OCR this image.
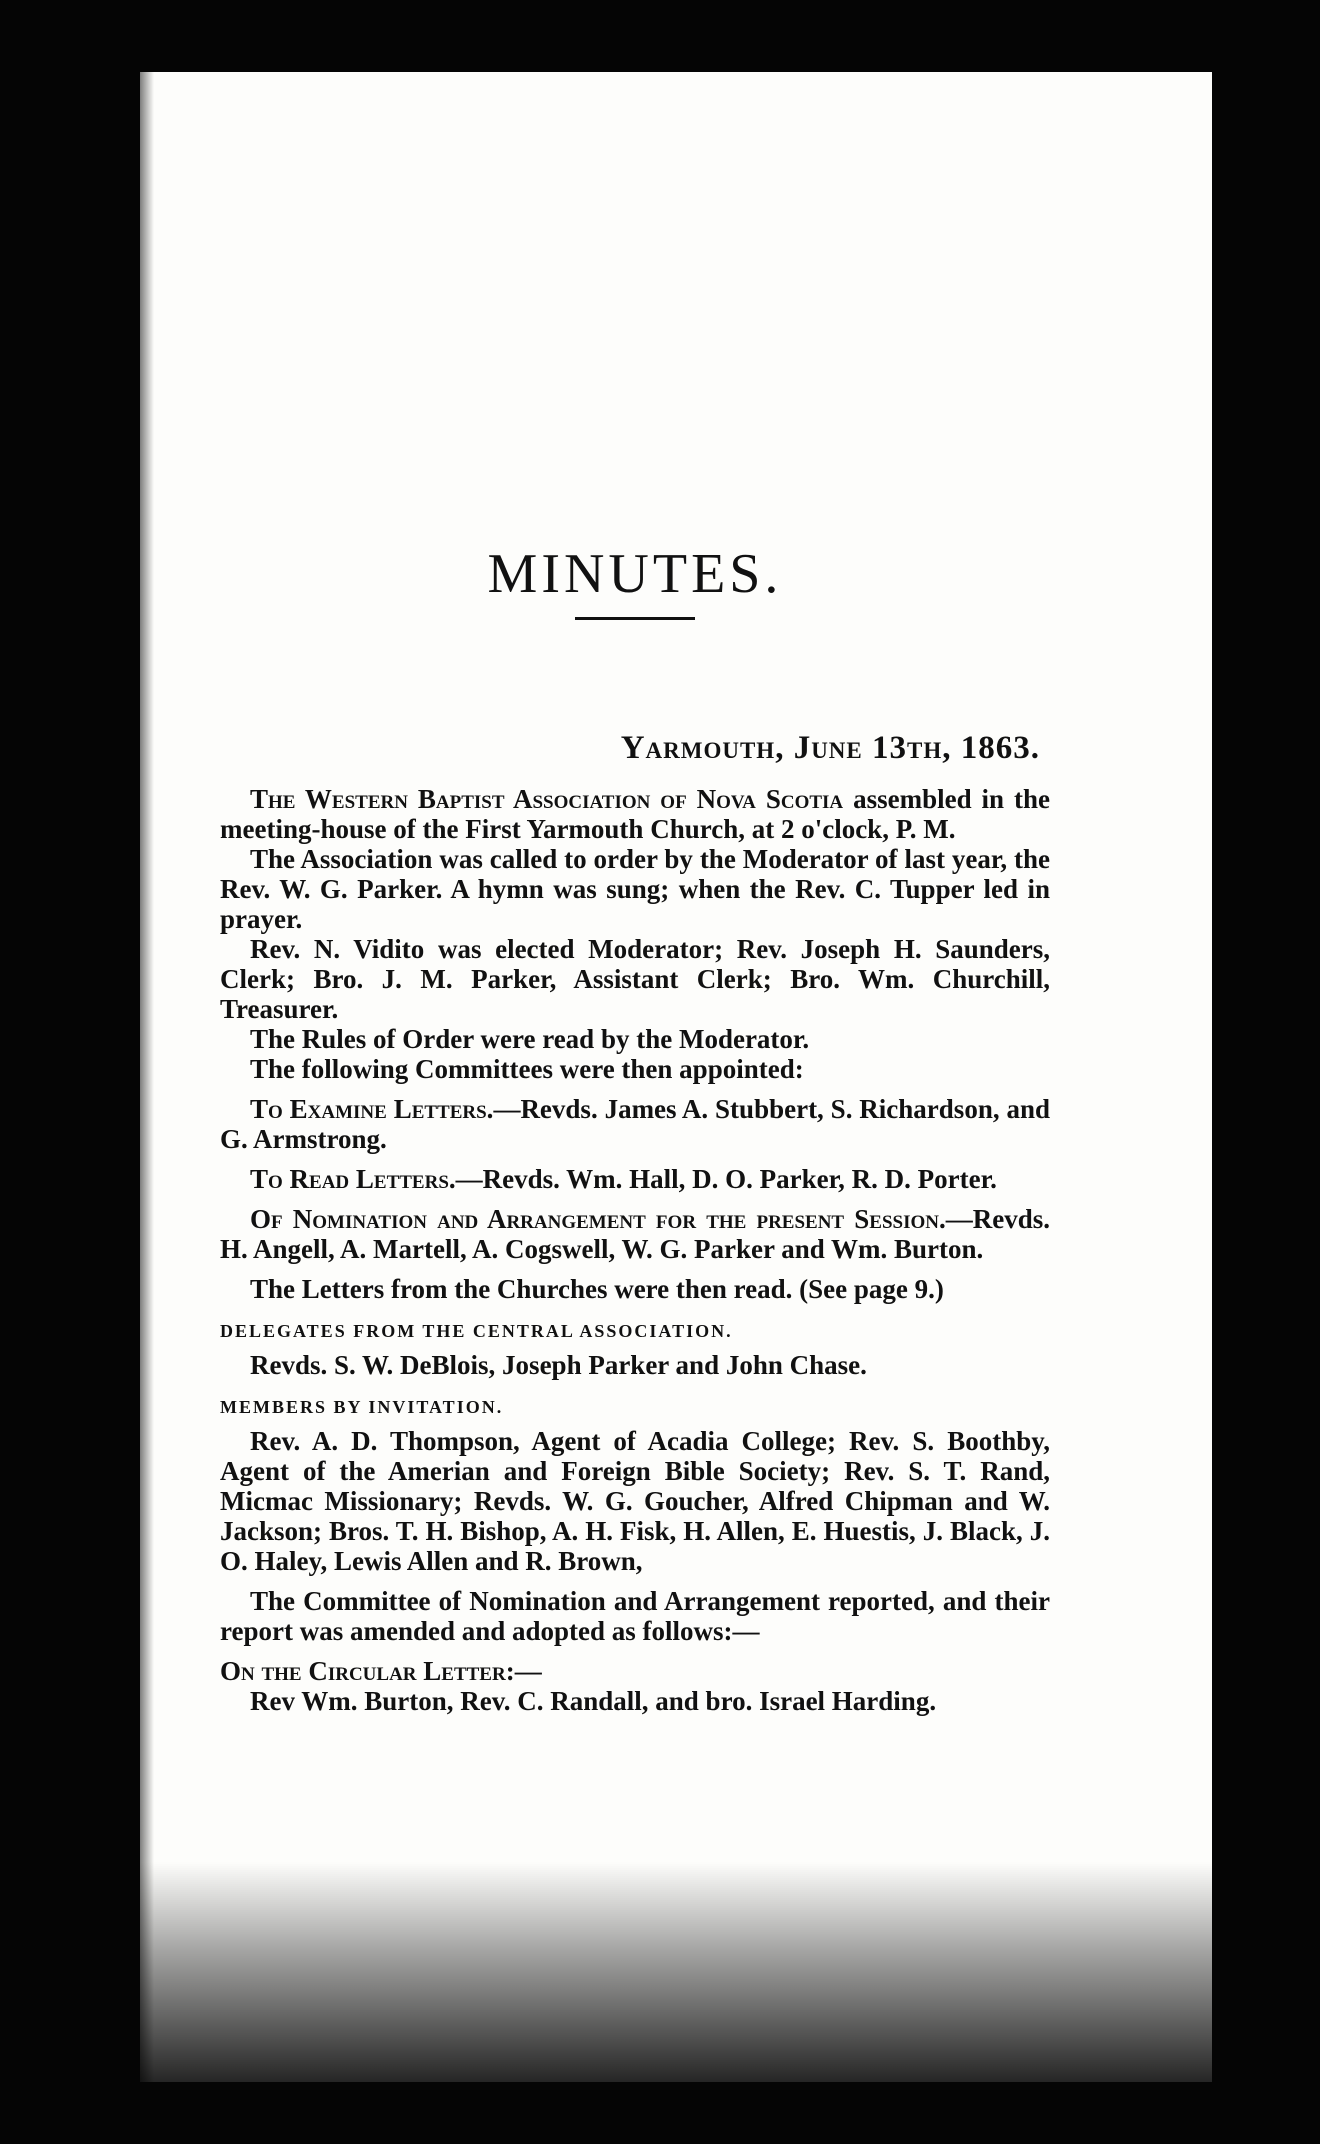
MINUTES.
Yarmouth, June 13th, 1863.

The Western Baptist Association of Nova Scotia assembled in the meeting-house of the First Yarmouth Church, at 2 o'clock, P. M.

The Association was called to order by the Moderator of last year, the Rev. W. G. Parker. A hymn was sung; when the Rev. C. Tupper led in prayer.

Rev. N. Vidito was elected Moderator; Rev. Joseph H. Saunders, Clerk; Bro. J. M. Parker, Assistant Clerk; Bro. Wm. Churchill, Treasurer.

The Rules of Order were read by the Moderator.

The following Committees were then appointed:

To Examine Letters.—Revds. James A. Stubbert, S. Richardson, and G. Armstrong.

To Read Letters.—Revds. Wm. Hall, D. O. Parker, R. D. Porter.

Of Nomination and Arrangement for the present Session.—Revds. H. Angell, A. Martell, A. Cogswell, W. G. Parker and Wm. Burton.

The Letters from the Churches were then read. (See page 9.)

DELEGATES FROM THE CENTRAL ASSOCIATION.

Revds. S. W. DeBlois, Joseph Parker and John Chase.

MEMBERS BY INVITATION.

Rev. A. D. Thompson, Agent of Acadia College; Rev. S. Boothby, Agent of the Amerian and Foreign Bible Society; Rev. S. T. Rand, Micmac Missionary; Revds. W. G. Goucher, Alfred Chipman and W. Jackson; Bros. T. H. Bishop, A. H. Fisk, H. Allen, E. Huestis, J. Black, J. O. Haley, Lewis Allen and R. Brown,

The Committee of Nomination and Arrangement reported, and their report was amended and adopted as follows:—

On the Circular Letter:—

Rev Wm. Burton, Rev. C. Randall, and bro. Israel Harding.
